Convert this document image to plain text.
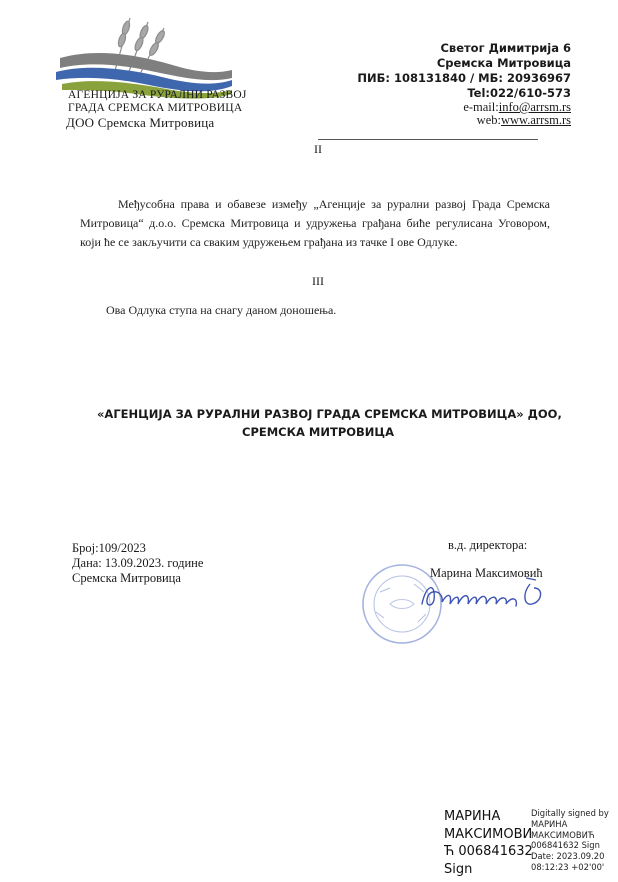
АГЕНЦИЈА ЗА РУРАЛНИ РАЗВОЈ
ГРАДА СРЕМСКА МИТРОВИЦА
ДОО Сремска Митровица
Светог Димитрија 6
Сремска Митровица
ПИБ: 108131840 / МБ: 20936967
Tel:022/610-573
e-mail:info@arrsm.rs
web:www.arrsm.rs
II
Међусобна права и обавезе између „Агенције за рурални развој Града Сремска Митровица“ д.о.о. Сремска Митровица и удружења грађана биће регулисана Уговором, који ће се закључити са сваким удружењем грађана из тачке I ове Одлуке.
III
Ова Одлука ступа на снагу даном доношења.
«АГЕНЦИЈА ЗА РУРАЛНИ РАЗВОЈ ГРАДА СРЕМСКА МИТРОВИЦА» ДОО,
СРЕМСКА МИТРОВИЦА
Број:109/2023
Дана: 13.09.2023. године
Сремска Митровица
в.д. директора:
Марина Максимовић
МАРИНА
МАКСИМОВИ
Ћ 006841632
Sign
Digitally signed by
МАРИНА
МАКСИМОВИЋ
006841632 Sign
Date: 2023.09.20
08:12:23 +02'00'
